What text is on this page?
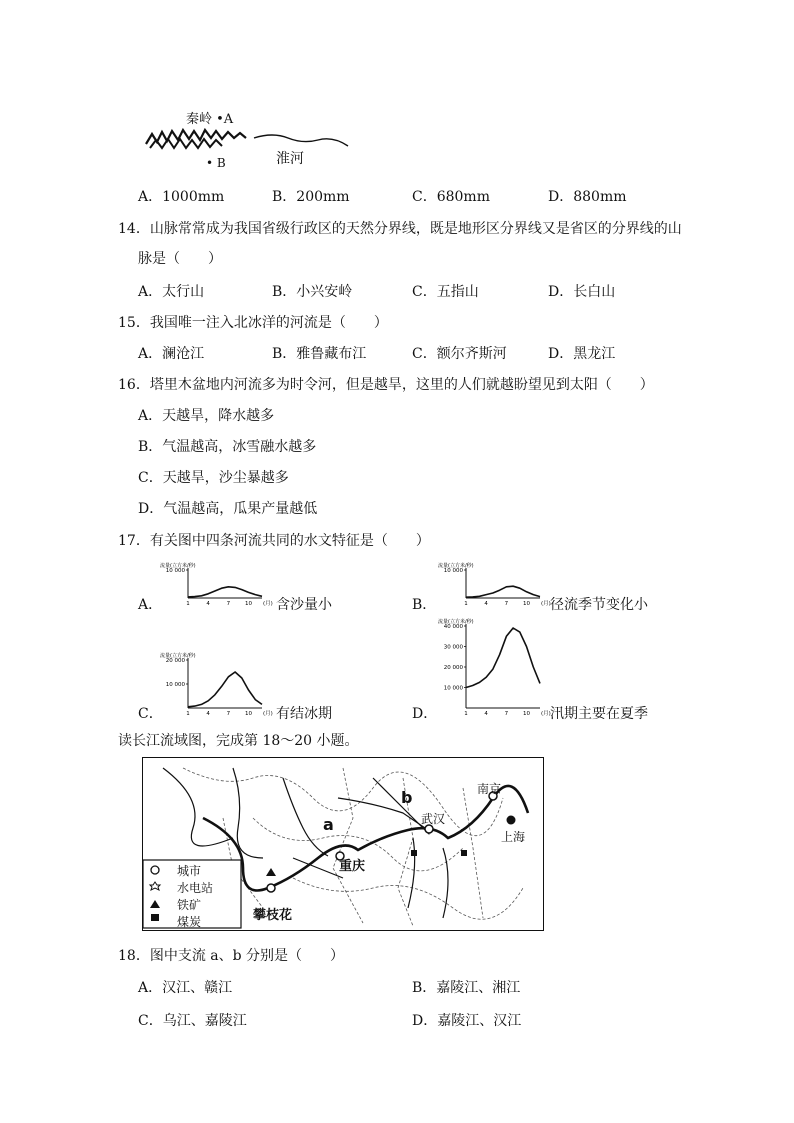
秦岭 •A
• B	淮河
A．1000mm	B．200mm	C．680mm	D．880mm
14．山脉常常成为我国省级行政区的天然分界线，既是地形区分界线又是省区的分界线的山
脉是（　　）
A．太行山	B．小兴安岭	C．五指山	D．长白山
15．我国唯一注入北冰洋的河流是（　　）
A．澜沧江	B．雅鲁藏布江	C．额尔齐斯河	D．黑龙江
16．塔里木盆地内河流多为时令河，但是越旱，这里的人们就越盼望见到太阳（　　）
A．天越旱，降水越多
B．气温越高，冰雪融水越多
C．天越旱，沙尘暴越多
D．气温越高，瓜果产量越低
17．有关图中四条河流共同的水文特征是（　　）
A．	含沙量小	B．	径流季节变化小
C．	有结冰期	D．	汛期主要在夏季
流量(立方米/秒)
10 000
1	4	7	10 (月)
流量(立方米/秒)
10 000
1	4	7	10 (月)
流量(立方米/秒)
20 000
10 000
1	4	7	10 (月)
流量(立方米/秒)
40 000
30 000
20 000
10 000
1	4	7	10 (月)
读长江流域图，完成第 18～20 小题。
a
b	南京
武汉
上海
重庆
攀枝花
城市
水电站
铁矿
煤炭
18．图中支流 a、b 分别是（　　）
A．汉江、赣江	B．嘉陵江、湘江
C．乌江、嘉陵江	D．嘉陵江、汉江
